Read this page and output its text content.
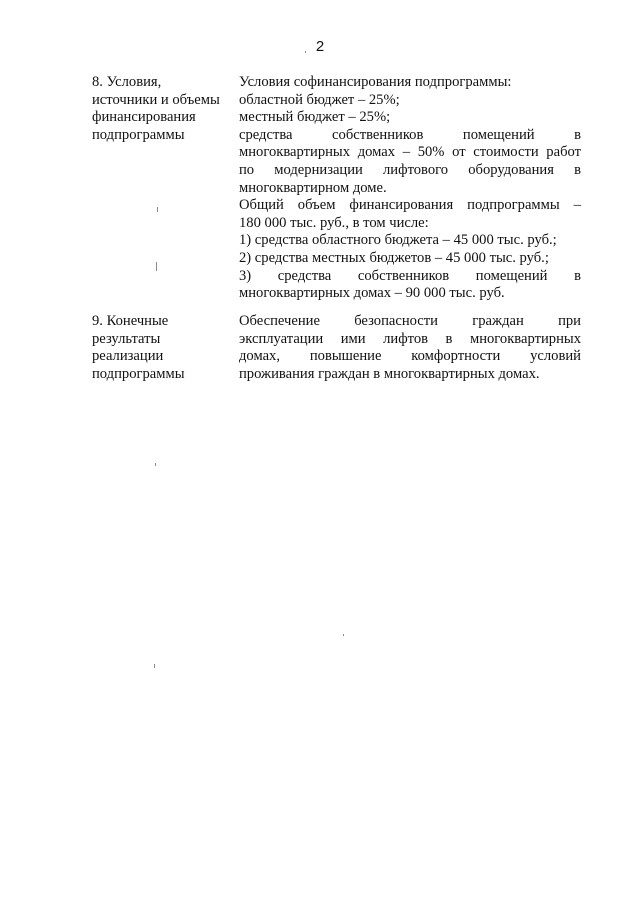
2
8. Условия,
источники и объемы
финансирования
подпрограммы
Условия софинансирования подпрограммы:
областной бюджет – 25%;
местный бюджет – 25%;
средства собственников помещений в
многоквартирных домах – 50% от стоимости работ
по модернизации лифтового оборудования в
многоквартирном доме.
Общий объем финансирования подпрограммы –
180 000 тыс. руб., в том числе:
1) средства областного бюджета – 45 000 тыс. руб.;
2) средства местных бюджетов – 45 000 тыс. руб.;
3) средства собственников помещений в
многоквартирных домах – 90 000 тыс. руб.
9. Конечные
результаты
реализации
подпрограммы
Обеспечение безопасности граждан при
эксплуатации ими лифтов в многоквартирных
домах, повышение комфортности условий
проживания граждан в многоквартирных домах.
